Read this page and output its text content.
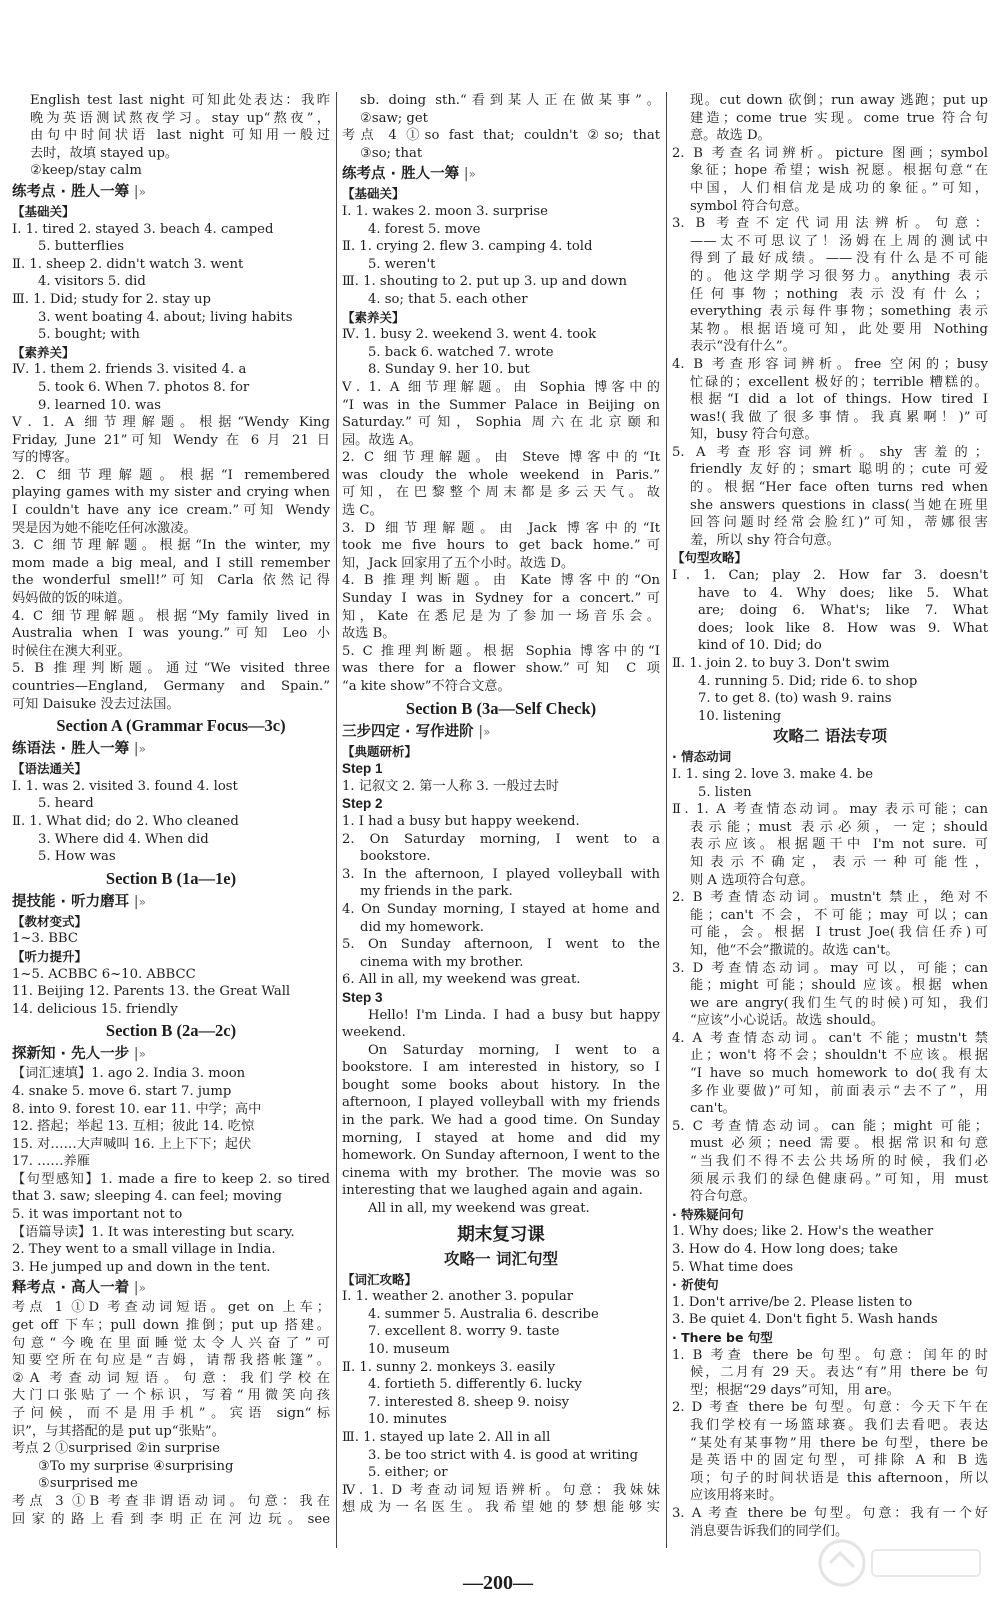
English test last night 可知此处表达：我昨
晚为英语测试熬夜学习。stay up“熬夜”，
由句中时间状语 last night 可知用一般过
去时，故填 stayed up。
②keep/stay calm
练考点 · 胜人一筹 |»
【基础关】
Ⅰ. 1. tired 2. stayed 3. beach 4. camped
5. butterflies
Ⅱ. 1. sheep 2. didn't watch 3. went
4. visitors 5. did
Ⅲ. 1. Did; study for 2. stay up
3. went boating 4. about; living habits
5. bought; with
【素养关】
Ⅳ. 1. them 2. friends 3. visited 4. a
5. took 6. When 7. photos 8. for
9. learned 10. was
Ⅴ. 1. A 细节理解题。根据“Wendy King
Friday, June 21”可知 Wendy 在 6 月 21 日
写的博客。
2. C 细节理解题。根据“I remembered
playing games with my sister and crying when
I couldn't have any ice cream.”可知 Wendy
哭是因为她不能吃任何冰激凌。
3. C 细节理解题。根据“In the winter, my
mom made a big meal, and I still remember
the wonderful smell!”可知 Carla 依然记得
妈妈做的饭的味道。
4. C 细节理解题。根据“My family lived in
Australia when I was young.”可知 Leo 小
时候住在澳大利亚。
5. B 推理判断题。通过“We visited three
countries—England, Germany and Spain.”
可知 Daisuke 没去过法国。
Section A (Grammar Focus—3c)
练语法 · 胜人一筹 |»
【语法通关】
Ⅰ. 1. was 2. visited 3. found 4. lost
5. heard
Ⅱ. 1. What did; do 2. Who cleaned
3. Where did 4. When did
5. How was
Section B (1a—1e)
提技能 · 听力磨耳 |»
【教材变式】
1~3. BBC
【听力提升】
1~5. ACBBC 6~10. ABBCC
11. Beijing 12. Parents 13. the Great Wall
14. delicious 15. friendly
Section B (2a—2c)
探新知 · 先人一步 |»
【词汇速填】1. ago 2. India 3. moon
4. snake 5. move 6. start 7. jump
8. into 9. forest 10. ear 11. 中学；高中
12. 搭起；举起 13. 互相；彼此 14. 吃惊
15. 对……大声喊叫 16. 上上下下；起伏
17. ……养雁
【句型感知】1. made a fire to keep 2. so tired
that 3. saw; sleeping 4. can feel; moving
5. it was important not to
【语篇导读】1. It was interesting but scary.
2. They went to a small village in India.
3. He jumped up and down in the tent.
释考点 · 高人一着 |»
考点 1 ①D 考查动词短语。get on 上车；
get off 下车；pull down 推倒；put up 搭建。
句意“今晚在里面睡觉太令人兴奋了”可
知要空所在句应是“吉姆，请帮我搭帐篷”。
②A 考查动词短语。句意：我们学校在
大门口张贴了一个标识，写着“用微笑向孩
子问候，而不是用手机”。宾语 sign“标
识”，与其搭配的是 put up“张贴”。
考点 2 ①surprised ②in surprise
③To my surprise ④surprising
⑤surprised me
考点 3 ①B 考查非谓语动词。句意：我在
回家的路上看到李明正在河边玩。see
sb. doing sth.“看到某人正在做某事”。
②saw; get
考点 4 ①so fast that; couldn't ②so; that
③so; that
练考点 · 胜人一筹 |»
【基础关】
Ⅰ. 1. wakes 2. moon 3. surprise
4. forest 5. move
Ⅱ. 1. crying 2. flew 3. camping 4. told
5. weren't
Ⅲ. 1. shouting to 2. put up 3. up and down
4. so; that 5. each other
【素养关】
Ⅳ. 1. busy 2. weekend 3. went 4. took
5. back 6. watched 7. wrote
8. Sunday 9. her 10. but
Ⅴ. 1. A 细节理解题。由 Sophia 博客中的
“I was in the Summer Palace in Beijing on
Saturday.”可知，Sophia 周六在北京颐和
园。故选 A。
2. C 细节理解题。由 Steve 博客中的“It
was cloudy the whole weekend in Paris.”
可知，在巴黎整个周末都是多云天气。故
选 C。
3. D 细节理解题。由 Jack 博客中的“It
took me five hours to get back home.”可
知，Jack 回家用了五个小时。故选 D。
4. B 推理判断题。由 Kate 博客中的“On
Sunday I was in Sydney for a concert.”可
知，Kate 在悉尼是为了参加一场音乐会。
故选 B。
5. C 推理判断题。根据 Sophia 博客中的“I
was there for a flower show.”可知 C 项
“a kite show”不符合文意。
Section B (3a—Self Check)
三步四定 · 写作进阶 |»
【典题研析】
Step 1
1. 记叙文 2. 第一人称 3. 一般过去时
Step 2
1. I had a busy but happy weekend.
2. On Saturday morning, I went to a
bookstore.
3. In the afternoon, I played volleyball with
my friends in the park.
4. On Sunday morning, I stayed at home and
did my homework.
5. On Sunday afternoon, I went to the
cinema with my brother.
6. All in all, my weekend was great.
Step 3

Hello! I'm Linda. I had a busy but happy weekend.

On Saturday morning, I went to a bookstore. I am interested in history, so I bought some books about history. In the afternoon, I played volleyball with my friends in the park. We had a good time. On Sunday morning, I stayed at home and did my homework. On Sunday afternoon, I went to the cinema with my brother. The movie was so interesting that we laughed again and again.

All in all, my weekend was great.

期末复习课
攻略一 词汇句型
【词汇攻略】
Ⅰ. 1. weather 2. another 3. popular
4. summer 5. Australia 6. describe
7. excellent 8. worry 9. taste
10. museum
Ⅱ. 1. sunny 2. monkeys 3. easily
4. fortieth 5. differently 6. lucky
7. interested 8. sheep 9. noisy
10. minutes
Ⅲ. 1. stayed up late 2. All in all
3. be too strict with 4. is good at writing
5. either; or
Ⅳ. 1. D 考查动词短语辨析。句意：我妹妹
想成为一名医生。我希望她的梦想能够实
现。cut down 砍倒；run away 逃跑；put up
建造；come true 实现。come true 符合句
意。故选 D。
2. B 考查名词辨析。picture 图画；symbol
象征；hope 希望；wish 祝愿。根据句意“在
中国，人们相信龙是成功的象征。”可知，
symbol 符合句意。
3. B 考查不定代词用法辨析。句意：
——太不可思议了！汤姆在上周的测试中
得到了最好成绩。——没有什么是不可能
的。他这学期学习很努力。anything 表示
任何事物；nothing 表示没有什么；
everything 表示每件事物；something 表示
某物。根据语境可知，此处要用 Nothing
表示“没有什么”。
4. B 考查形容词辨析。free 空闲的；busy
忙碌的；excellent 极好的；terrible 糟糕的。
根据“I did a lot of things. How tired I
was!(我做了很多事情。我真累啊！)”可
知，busy 符合句意。
5. A 考查形容词辨析。shy 害羞的；
friendly 友好的；smart 聪明的；cute 可爱
的。根据“Her face often turns red when
she answers questions in class(当她在班里
回答问题时经常会脸红)”可知，蒂娜很害
羞，所以 shy 符合句意。
【句型攻略】
Ⅰ. 1. Can; play 2. How far 3. doesn't
have to 4. Why does; like 5. What
are; doing 6. What's; like 7. What
does; look like 8. How was 9. What
kind of 10. Did; do
Ⅱ. 1. join 2. to buy 3. Don't swim
4. running 5. Did; ride 6. to shop
7. to get 8. (to) wash 9. rains
10. listening
攻略二 语法专项
· 情态动词
Ⅰ. 1. sing 2. love 3. make 4. be
5. listen
Ⅱ. 1. A 考查情态动词。may 表示可能；can
表示能；must 表示必须，一定；should
表示应该。根据题干中 I'm not sure. 可
知表示不确定，表示一种可能性，
则 A 选项符合句意。
2. B 考查情态动词。mustn't 禁止，绝对不
能；can't 不会，不可能；may 可以；can
可能，会。根据 I trust Joe(我信任乔)可
知，他“不会”撒谎的。故选 can't。
3. D 考查情态动词。may 可以，可能；can
能；might 可能；should 应该。根据 when
we are angry(我们生气的时候)可知，我们
“应该”小心说话。故选 should。
4. A 考查情态动词。can't 不能；mustn't 禁
止；won't 将不会；shouldn't 不应该。根据
“I have so much homework to do(我有太
多作业要做)”可知，前面表示“去不了”，用
can't。
5. C 考查情态动词。can 能；might 可能；
must 必须；need 需要。根据常识和句意
“当我们不得不去公共场所的时候，我们必
须展示我们的绿色健康码。”可知，用 must
符合句意。
· 特殊疑问句
1. Why does; like 2. How's the weather
3. How do 4. How long does; take
5. What time does
· 祈使句
1. Don't arrive/be 2. Please listen to
3. Be quiet 4. Don't fight 5. Wash hands
· There be 句型
1. B 考查 there be 句型。句意：闰年的时
候，二月有 29 天。表达“有”用 there be 句
型；根据“29 days”可知，用 are。
2. D 考查 there be 句型。句意：今天下午在
我们学校有一场篮球赛。我们去看吧。表达
“某处有某事物”用 there be 句型，there be
是英语中的固定句型，可排除 A 和 B 选
项；句子的时间状语是 this afternoon，所以
应该用将来时。
3. A 考查 there be 句型。句意：我有一个好
消息要告诉我们的同学们。
—200—
